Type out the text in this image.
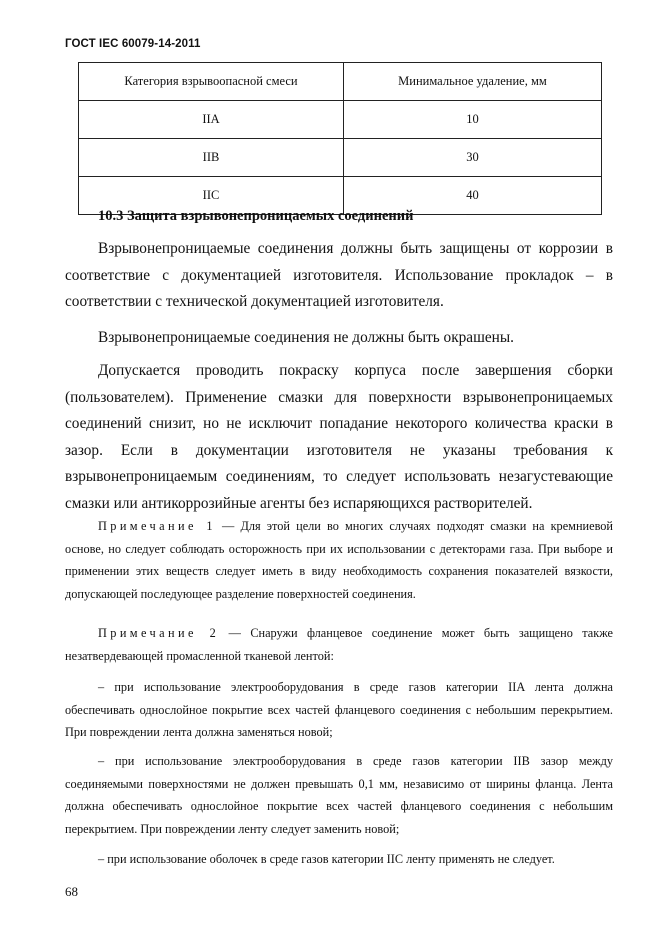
ГОСТ IEC 60079-14-2011
Категория взрывоопасной смеси	Минимальное удаление, мм
IIA	10
IIB	30
IIC	40
10.3 Защита взрывонепроницаемых соединений
Взрывонепроницаемые соединения должны быть защищены от коррозии в соответствие с документацией изготовителя. Использование прокладок – в соответствии с технической документацией изготовителя.
Взрывонепроницаемые соединения не должны быть окрашены.
Допускается проводить покраску корпуса после завершения сборки (пользователем). Применение смазки для поверхности взрывонепроницаемых соединений снизит, но не исключит попадание некоторого количества краски в зазор. Если в документации изготовителя не указаны требования к взрывонепроницаемым соединениям, то следует использовать незагустевающие смазки или антикоррозийные агенты без испаряющихся растворителей.
Примечание 1 — Для этой цели во многих случаях подходят смазки на кремниевой основе, но следует соблюдать осторожность при их использовании с детекторами газа. При выборе и применении этих веществ следует иметь в виду необходимость сохранения показателей вязкости, допускающей последующее разделение поверхностей соединения.
Примечание 2 — Снаружи фланцевое соединение может быть защищено также незатвердевающей промасленной тканевой лентой:
– при использование электрооборудования в среде газов категории IIA лента должна обеспечивать однослойное покрытие всех частей фланцевого соединения с небольшим перекрытием. При повреждении лента должна заменяться новой;
– при использование электрооборудования в среде газов категории IIB зазор между соединяемыми поверхностями не должен превышать 0,1 мм, независимо от ширины фланца. Лента должна обеспечивать однослойное покрытие всех частей фланцевого соединения с небольшим перекрытием. При повреждении ленту следует заменить новой;
– при использование оболочек в среде газов категории IIC ленту применять не следует.
68
